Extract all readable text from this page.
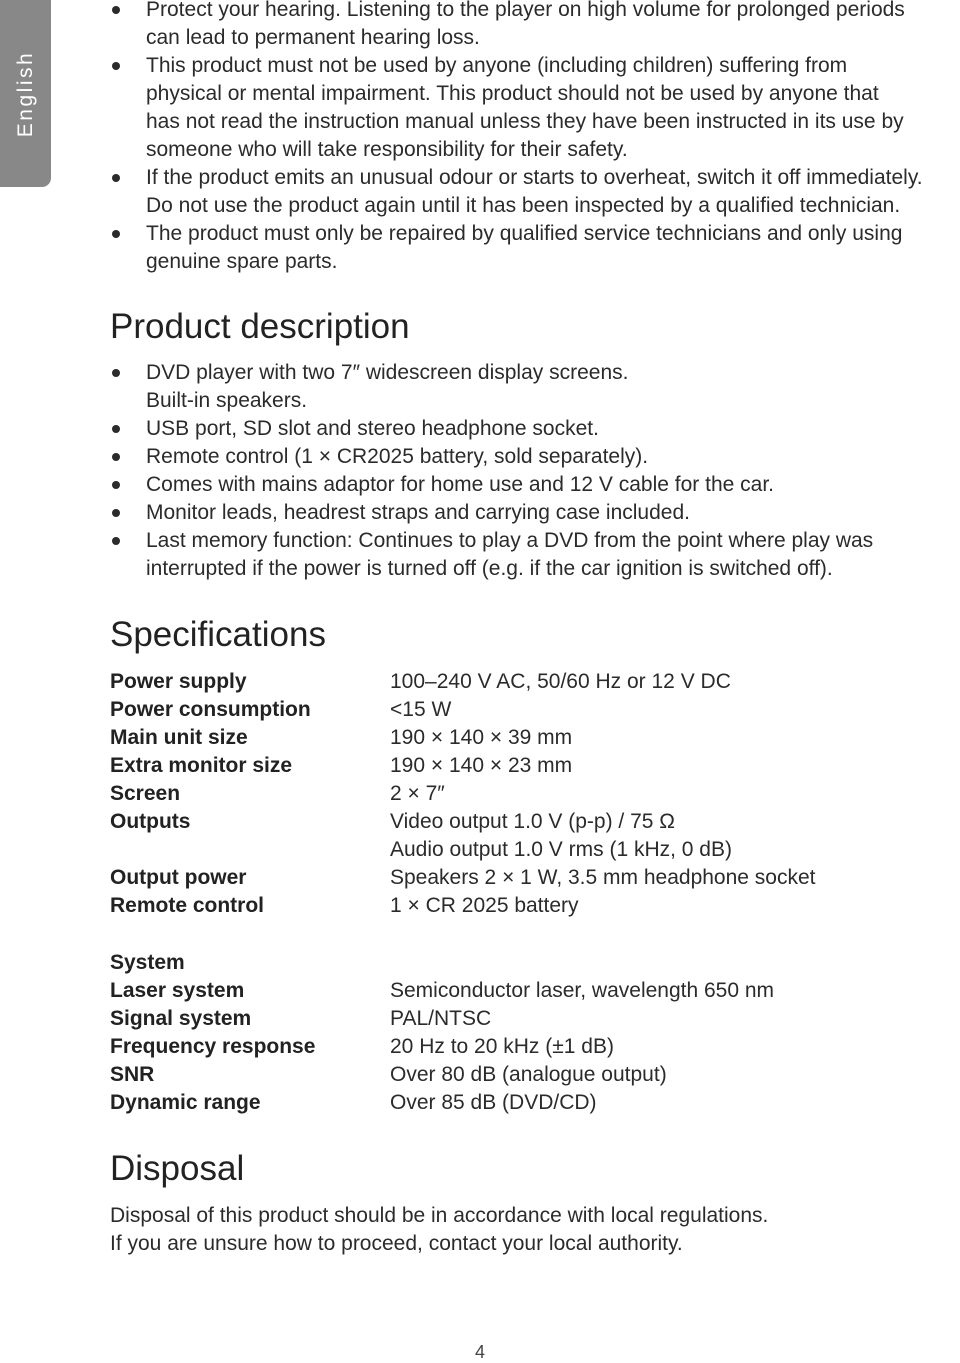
English
Protect your hearing. Listening to the player on high volume for prolonged periods
can lead to permanent hearing loss.
This product must not be used by anyone (including children) suffering from
physical or mental impairment. This product should not be used by anyone that
has not read the instruction manual unless they have been instructed in its use by
someone who will take responsibility for their safety.
If the product emits an unusual odour or starts to overheat, switch it off immediately.
Do not use the product again until it has been inspected by a qualified technician.
The product must only be repaired by qualified service technicians and only using
genuine spare parts.
Product description
DVD player with two 7″ widescreen display screens.
Built-in speakers.
USB port, SD slot and stereo headphone socket.
Remote control (1 × CR2025 battery, sold separately).
Comes with mains adaptor for home use and 12 V cable for the car.
Monitor leads, headrest straps and carrying case included.
Last memory function: Continues to play a DVD from the point where play was
interrupted if the power is turned off (e.g. if the car ignition is switched off).
Specifications
Power supply	100–240 V AC, 50/60 Hz or 12 V DC
Power consumption	<15 W
Main unit size	190 × 140 × 39 mm
Extra monitor size	190 × 140 × 23 mm
Screen	2 × 7″
Outputs	Video output 1.0 V (p-p) / 75 Ω
Audio output 1.0 V rms (1 kHz, 0 dB)
Output power	Speakers 2 × 1 W, 3.5 mm headphone socket
Remote control	1 × CR 2025 battery
System
Laser system	Semiconductor laser, wavelength 650 nm
Signal system	PAL/NTSC
Frequency response	20 Hz to 20 kHz (±1 dB)
SNR	Over 80 dB (analogue output)
Dynamic range	Over 85 dB (DVD/CD)
Disposal
Disposal of this product should be in accordance with local regulations.
If you are unsure how to proceed, contact your local authority.
4
